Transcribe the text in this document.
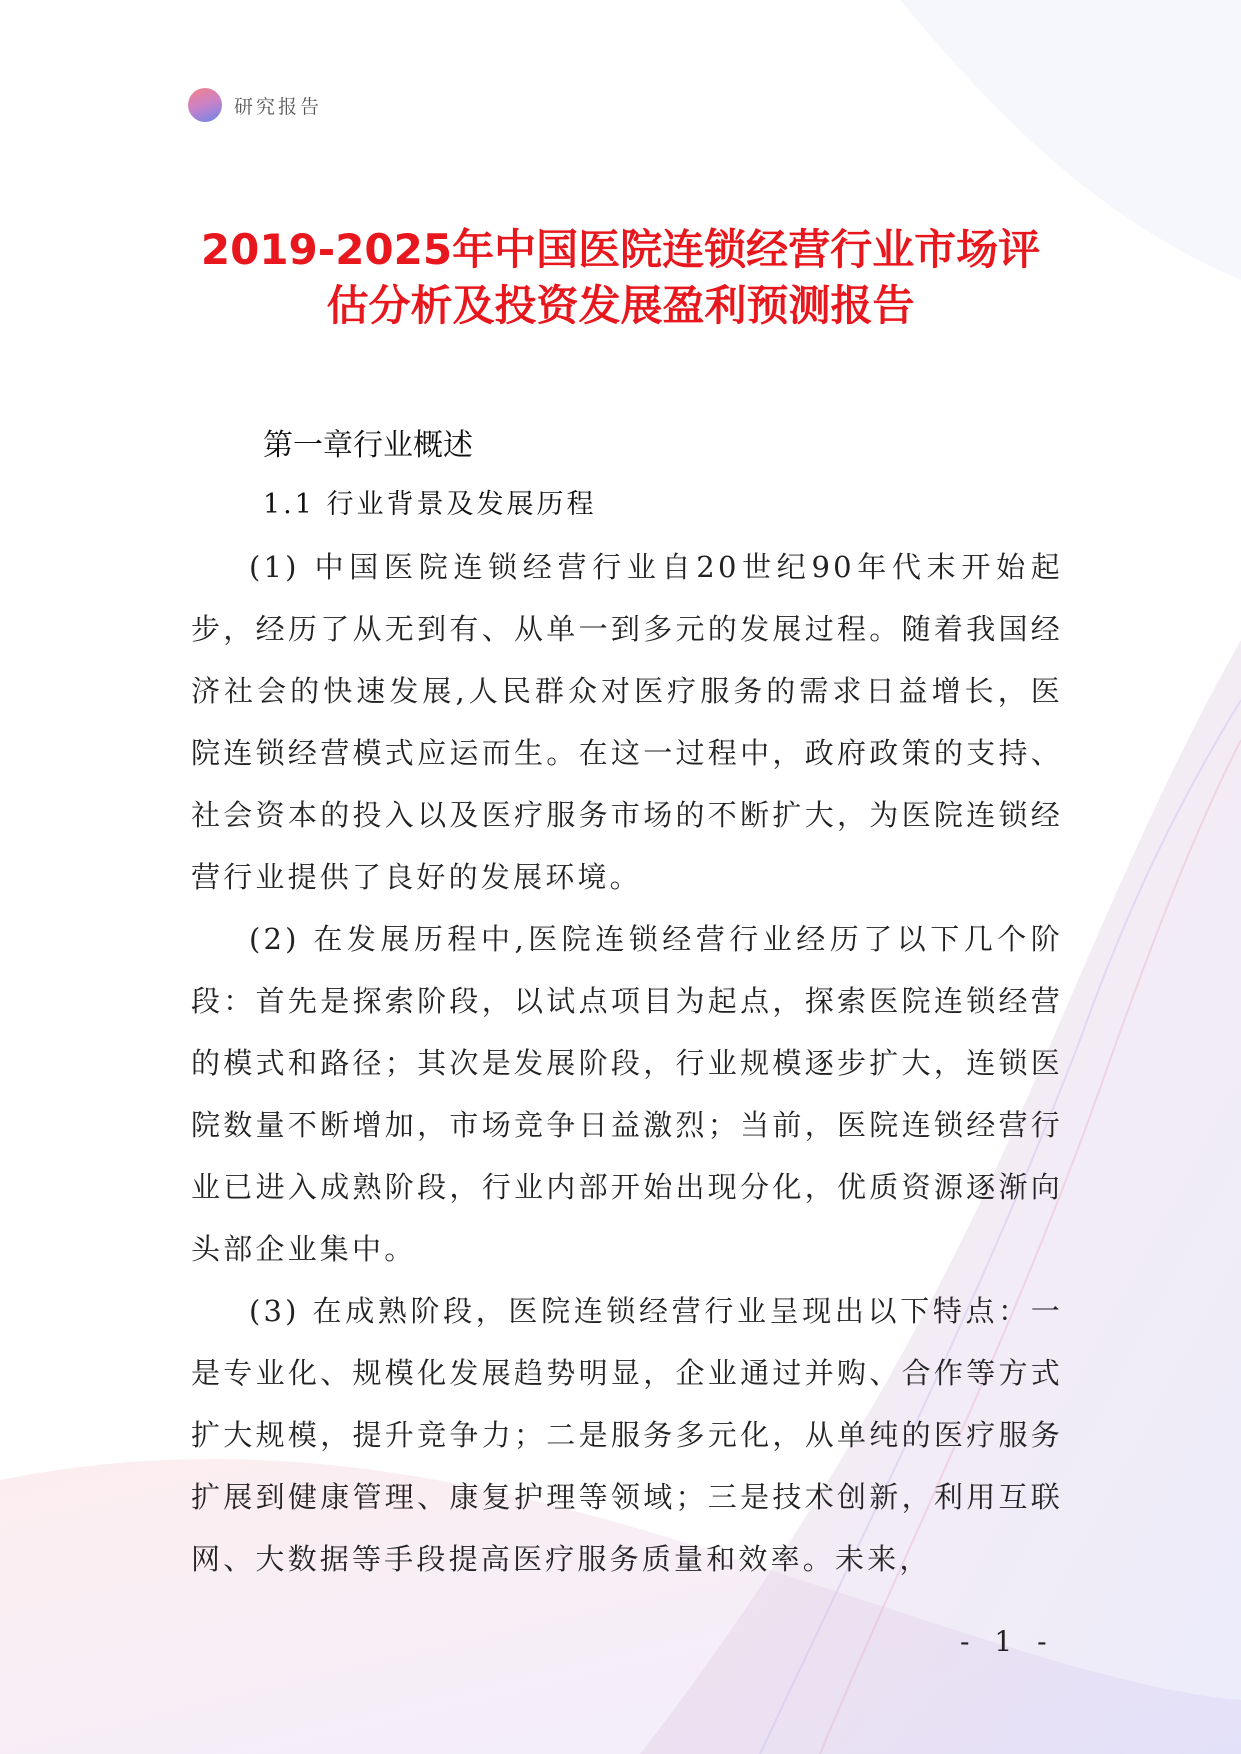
研究报告
2019-2025年中国医院连锁经营行业市场评
估分析及投资发展盈利预测报告
第一章行业概述
1.1 行业背景及发展历程

(1) 中国医院连锁经营行业自20世纪90年代末开始起步，经历了从无到有、从单一到多元的发展过程。随着我国经济社会的快速发展,人民群众对医疗服务的需求日益增长，医院连锁经营模式应运而生。在这一过程中，政府政策的支持、社会资本的投入以及医疗服务市场的不断扩大，为医院连锁经营行业提供了良好的发展环境。

(2) 在发展历程中,医院连锁经营行业经历了以下几个阶段：首先是探索阶段，以试点项目为起点，探索医院连锁经营的模式和路径；其次是发展阶段，行业规模逐步扩大，连锁医院数量不断增加，市场竞争日益激烈；当前，医院连锁经营行业已进入成熟阶段，行业内部开始出现分化，优质资源逐渐向头部企业集中。

(3) 在成熟阶段，医院连锁经营行业呈现出以下特点：一是专业化、规模化发展趋势明显，企业通过并购、合作等方式扩大规模，提升竞争力；二是服务多元化，从单纯的医疗服务扩展到健康管理、康复护理等领域；三是技术创新，利用互联网、大数据等手段提高医疗服务质量和效率。未来，

- 1 -
